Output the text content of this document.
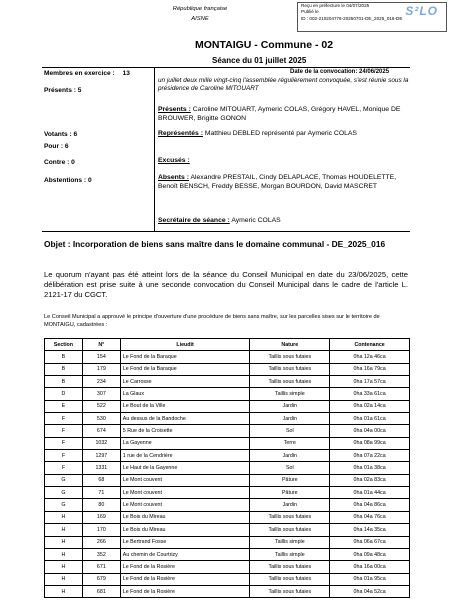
République française
AISNE
Reçu en préfecture le 04/07/2025
Publié le
ID : 002-210204776-20250701-DE_2025_016-DE
S²LO
MONTAIGU - Commune - 02
Séance du 01 juillet 2025
Membres en exercice : 13
Présents : 5
Votants : 6
Pour : 6
Contre : 0
Abstentions : 0
Date de la convocation: 24/06/2025
un juillet deux mille vingt-cinq l'assemblée régulièrement convoquée, s'est réunie sous la présidence de Caroline MITOUART
Présents : Caroline MITOUART, Aymeric COLAS, Grégory HAVEL, Monique DE BROUWER, Brigitte GONON
Représentés : Matthieu DEBLED représenté par Aymeric COLAS
Excusés :
Absents : Alexandre PRESTAIL, Cindy DELAPLACE, Thomas HOUDELETTE, Benoît BENSCH, Freddy BESSE, Morgan BOURDON, David MASCRET
Secrétaire de séance : Aymeric COLAS
Objet : Incorporation de biens sans maître dans le domaine communal - DE_2025_016
Le quorum n'ayant pas été atteint lors de la séance du Conseil Municipal en date du 23/06/2025, cette délibération est prise suite à une seconde convocation du Conseil Municipal dans le cadre de l'article L. 2121-17 du CGCT.
Le Conseil Municipal a approuvé le principe d'ouverture d'une procédure de biens sans maître, sur les parcelles sises sur le territoire de MONTAIGU, cadastrées :
Section	N°	Lieudit	Nature	Contenance
B	154	Le Fond de la Baraque	Taillis sous futaies	0ha 12a 46ca
B	179	Le Fond de la Baraque	Taillis sous futaies	0ha 16a 79ca
B	234	Le Carrosse	Taillis sous futaies	0ha 17a 57ca
D	307	La Glaux	Taillis simple	0ha 33a 61ca
E	522	Le Bout de la Ville	Jardin	0ha 02a 14ca
F	530	Au dessus de la Bandoche	Jardin	0ha 01a 61ca
F	674	5 Rue de la Croisette	Sol	0ha 04a 00ca
F	1032	La Gayenne	Terre	0ha 08a 99ca
F	1297	1 rue de la Cendrière	Jardin	0ha 07a 22ca
F	1331	Le Haut de la Gayenne	Sol	0ha 01a 38ca
G	68	Le Mont couvent	Pâture	0ha 02a 83ca
G	71	Le Mont couvent	Pâture	0ha 01a 44ca
G	80	Le Mont couvent	Jardin	0ha 04a 86ca
H	169	Le Bois du Mireau	Taillis sous futaies	0ha 04a 76ca
H	170	Le Bois du Mireau	Taillis sous futaies	0ha 14a 35ca
H	266	Le Bertrand Fosse	Taillis simple	0ha 06a 67ca
H	352	Au chemin de Courtrizy	Taillis simple	0ha 09a 48ca
H	671	Le Fond de la Rosière	Taillis sous futaies	0ha 16a 00ca
H	679	Le Fond de la Rosière	Taillis sous futaies	0ha 01a 95ca
H	681	Le Fond de la Rosière	Taillis sous futaies	0ha 04a 52ca
